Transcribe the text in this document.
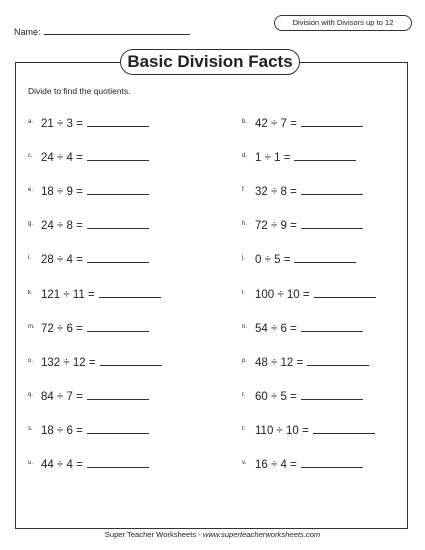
Name:
Division with Divisors up to 12
Basic Division Facts
Divide to find the quotients.
a. 21 ÷ 3 =	b. 42 ÷ 7 =
c. 24 ÷ 4 =	d. 1 ÷ 1 =
e. 18 ÷ 9 =	f. 32 ÷ 8 =
g. 24 ÷ 8 =	h. 72 ÷ 9 =
i. 28 ÷ 4 =	j. 0 ÷ 5 =
k. 121 ÷ 11 =	l. 100 ÷ 10 =
m. 72 ÷ 6 =	n. 54 ÷ 6 =
o. 132 ÷ 12 =	p. 48 ÷ 12 =
q. 84 ÷ 7 =	r. 60 ÷ 5 =
s. 18 ÷ 6 =	t. 110 ÷ 10 =
u. 44 ÷ 4 =	v. 16 ÷ 4 =
Super Teacher Worksheets - www.superteacherworksheets.com
